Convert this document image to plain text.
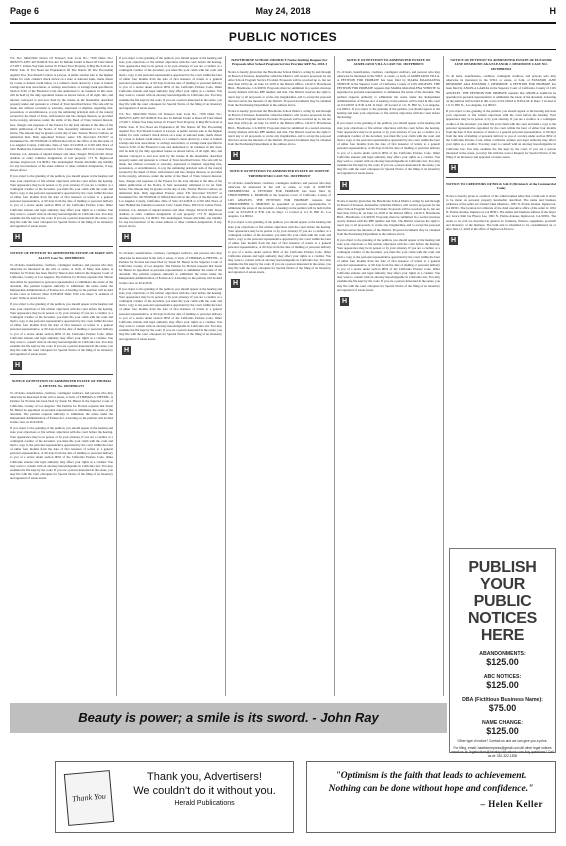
Page 6	May 24, 2018	H
PUBLIC NOTICES

T.S. No.: 9462/2022 Notice Of Trustee's Sale Loan No.: 7108 Order No.: 00052575 APN: 4071016016 You Are In Default Under A Deed Of Trust Dated 2/7/2017. Unless You Take Action To Protect Your Property, It May Be Sold At A Public Sale. If You Need An Explanation Of The Nature Of The Proceeding Against You, You Should Contact A Lawyer. A public auction sale to the highest bidder for cash, cashier's check drawn on a state or national bank, check drawn by a state or federal credit union, or a cashier's check drawn by a state or federal savings and loan association, or savings association, or savings bank specified in Section 5102 of the Financial Code and authorized to do business in this state, will be held by the duly appointed trustee as shown below, of all right, title, and interest conveyed to and now held by the trustee in the hereinafter described property under and pursuant to a Deed of Trust described below. The sale will be made, but without covenant or warranty, expressed or implied, regarding title, possession, or encumbrances, to pay the remaining principal sum of the note(s) secured by the Deed of Trust, with interest and late charges thereon, as provided in the note(s), advances, under the terms of the Deed of Trust, interest thereon, fees, charges and expenses of the Trustee for the total amount at the time of the initial publication of the Notice of Sale reasonably estimated to be set forth below. The amount may be greater on the day of sale. Trustor: Hector Cabrera, an unmarried man. Duly Appointed Trustee: Aztec TD. Recorded 3/3/2017 as Instrument No. 20170228149 of Official Records in the office of the Recorder of Los Angeles County, California. Date of Sale: 6/14/2018 at 11:00 AM. Place of Sale: Behind the fountain located in Civic Center Plaza, 400 Civic Center Plaza, Pomona, CA. Amount of unpaid balance and other charges: $552,221.90. Street Address or other common designation of real property: 173 N. Inglewood Avenue, Inglewood, CA 90301. The undersigned Trustee disclaims any liability for any incorrectness of the street address or other common designation, if any, shown above.

If you object to the granting of the petition, you should appear at the hearing and state your objections or file written objections with the court before the hearing. Your appearance may be in person or by your attorney. If you are a creditor or a contingent creditor of the decedent, you must file your claim with the court and mail a copy to the personal representative appointed by the court within the later of either four months from the date of first issuance of letters to a general personal representative, or 60 days from the date of mailing or personal delivery to you of a notice under section 9052 of the California Probate Code. Other California statutes and legal authority may affect your rights as a creditor. You may want to consult with an attorney knowledgeable in California law. You may examine the file kept by the court. If you are a person interested in the estate, you may file with the court a Request for Special Notice of the filing of an inventory and appraisal of estate assets.

H
NOTICE OF PETITION TO ADMINISTER ESTATE OF MARY ANN ALLEN Case No. 18STPB01021

To all heirs, beneficiaries, creditors, contingent creditors, and persons who may otherwise be interested in the will or estate, or both, of Mary Ann Allen. A Petition for Probate has been filed by Sharon Ann Allen in the Superior Court of California, County of Los Angeles. The Petition for Probate requests that Sharon Ann Allen be appointed as personal representative to administer the estate of the decedent. The petition requests authority to administer the estate under the Independent Administration of Estates Act. A hearing on the petition will be held in this court as follows: Date: 6/18/2018 Time: 8:30 a.m. Dept.: 9. Address of Court: Same as noted above.

If you object to the granting of the petition, you should appear at the hearing and state your objections or file written objections with the court before the hearing. Your appearance may be in person or by your attorney. If you are a creditor or a contingent creditor of the decedent, you must file your claim with the court and mail a copy to the personal representative appointed by the court within the later of either four months from the date of first issuance of letters to a general personal representative, or 60 days from the date of mailing or personal delivery to you of a notice under section 9052 of the California Probate Code. Other California statutes and legal authority may affect your rights as a creditor. You may want to consult with an attorney knowledgeable in California law. You may examine the file kept by the court. If you are a person interested in the estate, you may file with the court a Request for Special Notice of the filing of an inventory and appraisal of estate assets.

H
NOTICE OF PETITION TO ADMINISTER ESTATE OF THOMAS A. HETZEL No. 18STPB01273

To all heirs, beneficiaries, creditors, contingent creditors, and persons who may otherwise be interested in the will or estate, or both, of THOMAS A. HETZEL. A Petition for Probate has been filed by Susan M. Hetzel in the Superior Court of California, County of Los Angeles. The Petition for Probate requests that Susan M. Hetzel be appointed as personal representative to administer the estate of the decedent. The petition requests authority to administer the estate under the Independent Administration of Estates Act. A hearing on the petition will be held in this court on 6/14/2018.

If you object to the granting of the petition, you should appear at the hearing and state your objections or file written objections with the court before the hearing. Your appearance may be in person or by your attorney. If you are a creditor or a contingent creditor of the decedent, you must file your claim with the court and mail a copy to the personal representative appointed by the court within the later of either four months from the date of first issuance of letters to a general personal representative, or 60 days from the date of mailing or personal delivery to you of a notice under section 9052 of the California Probate Code. Other California statutes and legal authority may affect your rights as a creditor. You may want to consult with an attorney knowledgeable in California law. You may examine the file kept by the court. If you are a person interested in the estate, you may file with the court a Request for Special Notice of the filing of an inventory and appraisal of estate assets.

If you object to the granting of the petition, you should appear at the hearing and state your objections or file written objections with the court before the hearing. Your appearance may be in person or by your attorney. If you are a creditor or a contingent creditor of the decedent, you must file your claim with the court and mail a copy to the personal representative appointed by the court within the later of either four months from the date of first issuance of letters to a general personal representative, or 60 days from the date of mailing or personal delivery to you of a notice under section 9052 of the California Probate Code. Other California statutes and legal authority may affect your rights as a creditor. You may want to consult with an attorney knowledgeable in California law. You may examine the file kept by the court. If you are a person interested in the estate, you may file with the court a Request for Special Notice of the filing of an inventory and appraisal of estate assets.

T.S. No.: 9462/2022 Notice Of Trustee's Sale Loan No.: 7108 Order No.: 00052575 APN: 4071016016 You Are In Default Under A Deed Of Trust Dated 2/7/2017. Unless You Take Action To Protect Your Property, It May Be Sold At A Public Sale. If You Need An Explanation Of The Nature Of The Proceeding Against You, You Should Contact A Lawyer. A public auction sale to the highest bidder for cash, cashier's check drawn on a state or national bank, check drawn by a state or federal credit union, or a cashier's check drawn by a state or federal savings and loan association, or savings association, or savings bank specified in Section 5102 of the Financial Code and authorized to do business in this state, will be held by the duly appointed trustee as shown below, of all right, title, and interest conveyed to and now held by the trustee in the hereinafter described property under and pursuant to a Deed of Trust described below. The sale will be made, but without covenant or warranty, expressed or implied, regarding title, possession, or encumbrances, to pay the remaining principal sum of the note(s) secured by the Deed of Trust, with interest and late charges thereon, as provided in the note(s), advances, under the terms of the Deed of Trust, interest thereon, fees, charges and expenses of the Trustee for the total amount at the time of the initial publication of the Notice of Sale reasonably estimated to be set forth below. The amount may be greater on the day of sale. Trustor: Hector Cabrera, an unmarried man. Duly Appointed Trustee: Aztec TD. Recorded 3/3/2017 as Instrument No. 20170228149 of Official Records in the office of the Recorder of Los Angeles County, California. Date of Sale: 6/14/2018 at 11:00 AM. Place of Sale: Behind the fountain located in Civic Center Plaza, 400 Civic Center Plaza, Pomona, CA. Amount of unpaid balance and other charges: $552,221.90. Street Address or other common designation of real property: 173 N. Inglewood Avenue, Inglewood, CA 90301. The undersigned Trustee disclaims any liability for any incorrectness of the street address or other common designation, if any, shown above.

H

To all heirs, beneficiaries, creditors, contingent creditors, and persons who may otherwise be interested in the will or estate, or both, of THOMAS A. HETZEL. A Petition for Probate has been filed by Susan M. Hetzel in the Superior Court of California, County of Los Angeles. The Petition for Probate requests that Susan M. Hetzel be appointed as personal representative to administer the estate of the decedent. The petition requests authority to administer the estate under the Independent Administration of Estates Act. A hearing on the petition will be held in this court on 6/14/2018.

If you object to the granting of the petition, you should appear at the hearing and state your objections or file written objections with the court before the hearing. Your appearance may be in person or by your attorney. If you are a creditor or a contingent creditor of the decedent, you must file your claim with the court and mail a copy to the personal representative appointed by the court within the later of either four months from the date of first issuance of letters to a general personal representative, or 60 days from the date of mailing or personal delivery to you of a notice under section 9052 of the California Probate Code. Other California statutes and legal authority may affect your rights as a creditor. You may want to consult with an attorney knowledgeable in California law. You may examine the file kept by the court. If you are a person interested in the estate, you may file with the court a Request for Special Notice of the filing of an inventory and appraisal of estate assets.

H
HAWTHORNE SCHOOL DISTRICT Notice Inviting Request For Proposals After School Program Service Provider RFP No. 2018-3

Notice is hereby given that the Hawthorne School District, acting by and through its Board of Trustees, hereinafter called the District, will receive proposals for the After School Program Service Provider. Proposals will be received up to, but not later than 2:00 p.m. on June 14, 2018 at the District Office, 14120 S. Hawthorne Blvd., Hawthorne, CA 90250. Proposals must be submitted in a sealed envelope clearly marked with the RFP number and title. The District reserves the right to reject any or all proposals, to waive any irregularities, and to accept the proposal that best serves the interests of the District. Proposal documents may be obtained from the Purchasing Department at the address above.

Notice is hereby given that the Hawthorne School District, acting by and through its Board of Trustees, hereinafter called the District, will receive proposals for the After School Program Service Provider. Proposals will be received up to, but not later than 2:00 p.m. on June 14, 2018 at the District Office, 14120 S. Hawthorne Blvd., Hawthorne, CA 90250. Proposals must be submitted in a sealed envelope clearly marked with the RFP number and title. The District reserves the right to reject any or all proposals, to waive any irregularities, and to accept the proposal that best serves the interests of the District. Proposal documents may be obtained from the Purchasing Department at the address above.

H
NOTICE OF PETITION TO ADMINISTER ESTATE OF JOSETTE TREMBOWSKI CASE NO. 18STPB02937

To all heirs, beneficiaries, creditors, contingent creditors, and persons who may otherwise be interested in the will or estate, or both of JOSETTE TREMBOWSKI. A PETITION FOR PROBATE has been filed by CHRISTOPHER L. MORTON in the Superior Court of California, County of LOS ANGELES. THE PETITION FOR PROBATE requests that CHRISTOPHER L. MORTON be appointed as personal representative to administer the estate of the decedent. A hearing on the petition will be held in this court on 6/19/2018 at 8:30 a.m. in Dept. 11 located at 111 N. Hill St., Los Angeles, CA 90012.

If you object to the granting of the petition, you should appear at the hearing and state your objections or file written objections with the court before the hearing. Your appearance may be in person or by your attorney. If you are a creditor or a contingent creditor of the decedent, you must file your claim with the court and mail a copy to the personal representative appointed by the court within the later of either four months from the date of first issuance of letters to a general personal representative, or 60 days from the date of mailing or personal delivery to you of a notice under section 9052 of the California Probate Code. Other California statutes and legal authority may affect your rights as a creditor. You may want to consult with an attorney knowledgeable in California law. You may examine the file kept by the court. If you are a person interested in the estate, you may file with the court a Request for Special Notice of the filing of an inventory and appraisal of estate assets.

H
NOTICE OF PETITION TO ADMINISTER ESTATE OF AURELIANO VILLA CASE NO. 18STPB05074

To all heirs, beneficiaries, creditors, contingent creditors, and persons who may otherwise be interested in the WILL or estate, or both, of AURELIANO VILLA. A PETITION FOR PROBATE has been filed by MARIA MAGDALENA VIERSTE in the Superior Court of California, County of LOS ANGELES. THE PETITION FOR PROBATE requests that MARIA MAGDALENA VIERSTE be appointed as personal representative to administer the estate of the decedent. The petition requests authority to administer the estate under the Independent Administration of Estates Act. A hearing on the petition will be held in this court on 6/13/2018 at 8:30 A.M. in Dept. 29 located at 111 N. Hill St., Los Angeles, CA 90012. If you object to the granting of the petition, you should appear at the hearing and state your objections or file written objections with the court before the hearing.

If you object to the granting of the petition, you should appear at the hearing and state your objections or file written objections with the court before the hearing. Your appearance may be in person or by your attorney. If you are a creditor or a contingent creditor of the decedent, you must file your claim with the court and mail a copy to the personal representative appointed by the court within the later of either four months from the date of first issuance of letters to a general personal representative, or 60 days from the date of mailing or personal delivery to you of a notice under section 9052 of the California Probate Code. Other California statutes and legal authority may affect your rights as a creditor. You may want to consult with an attorney knowledgeable in California law. You may examine the file kept by the court. If you are a person interested in the estate, you may file with the court a Request for Special Notice of the filing of an inventory and appraisal of estate assets.

H

Notice is hereby given that the Hawthorne School District, acting by and through its Board of Trustees, hereinafter called the District, will receive proposals for the After School Program Service Provider. Proposals will be received up to, but not later than 2:00 p.m. on June 14, 2018 at the District Office, 14120 S. Hawthorne Blvd., Hawthorne, CA 90250. Proposals must be submitted in a sealed envelope clearly marked with the RFP number and title. The District reserves the right to reject any or all proposals, to waive any irregularities, and to accept the proposal that best serves the interests of the District. Proposal documents may be obtained from the Purchasing Department at the address above.

If you object to the granting of the petition, you should appear at the hearing and state your objections or file written objections with the court before the hearing. Your appearance may be in person or by your attorney. If you are a creditor or a contingent creditor of the decedent, you must file your claim with the court and mail a copy to the personal representative appointed by the court within the later of either four months from the date of first issuance of letters to a general personal representative, or 60 days from the date of mailing or personal delivery to you of a notice under section 9052 of the California Probate Code. Other California statutes and legal authority may affect your rights as a creditor. You may want to consult with an attorney knowledgeable in California law. You may examine the file kept by the court. If you are a person interested in the estate, you may file with the court a Request for Special Notice of the filing of an inventory and appraisal of estate assets.

H
NOTICE OF PETITION TO ADMINISTER ESTATE OF ELEANOR JANE DESIMONE AKA ELEANOR J. DESIMONE CASE NO. 18STPB03924

To all heirs, beneficiaries, creditors, contingent creditors, and persons who may otherwise be interested in the WILL or estate, or both, of ELEANOR JANE DESIMONE AKA ELEANOR J. DESIMONE. A PETITION FOR PROBATE has been filed by ANGELA GARCIA in the Superior Court of California, County of LOS ANGELES. THE PETITION FOR PROBATE requests that ANGELA GARCIA be appointed as personal representative to administer the estate of the decedent. A hearing on the petition will be held in this court on 6/21/2018 at 8:30 A.M. in Dept. 5 located at 111 N. Hill St., Los Angeles, CA 90012.

If you object to the granting of the petition, you should appear at the hearing and state your objections or file written objections with the court before the hearing. Your appearance may be in person or by your attorney. If you are a creditor or a contingent creditor of the decedent, you must file your claim with the court and mail a copy to the personal representative appointed by the court within the later of either four months from the date of first issuance of letters to a general personal representative, or 60 days from the date of mailing or personal delivery to you of a notice under section 9052 of the California Probate Code. Other California statutes and legal authority may affect your rights as a creditor. You may want to consult with an attorney knowledgeable in California law. You may examine the file kept by the court. If you are a person interested in the estate, you may file with the court a Request for Special Notice of the filing of an inventory and appraisal of estate assets.

H
NOTICE TO CREDITORS OF BULK SALE (Division 6 of the Commercial Code)

Notice is hereby given to creditors of the within named seller that a bulk sale is about to be made on personal property hereinafter described. The name and business addresses of the seller are: Daniel Chen Okamoto, 1061 N. Prairie Avenue, Inglewood, CA 90301. The location in California of the chief executive office of the seller is: 1061 N. Prairie Avenue, Inglewood, CA 90301. The names and business address of the buyer are: Grace Kim Jae Hyeon Lee, 1061 N. Prairie Avenue, Inglewood, CA 90301. The assets to be sold are described in general as: furniture, fixtures, equipment, goodwill and inventory of the business. The bulk sale is scheduled to be consummated on or after June 11, 2018 at the office of Inglewood Escrow.

H
PUBLISH YOUR PUBLIC NOTICES HERE
ABANDONMENTS:
$125.00
ABC NOTICES:
$125.00
DBA (Fictitious Business Name):
$75.00
NAME CHANGE:
$125.00
Other type of notice? Contact us and we can give you a price.
For filing, email: hawthornepress@gmail.com All other legal notices email us at: legalnotices@heraldpublications.com Any questions? Call us at: 310-322-1830
Beauty is power; a smile is its sword. - John Ray
Thank You
Thank you, Advertisers!
We couldn't do it without you.
Herald Publications
"Optimism is the faith that leads to achievement. Nothing can be done without hope and confidence."
– Helen Keller
